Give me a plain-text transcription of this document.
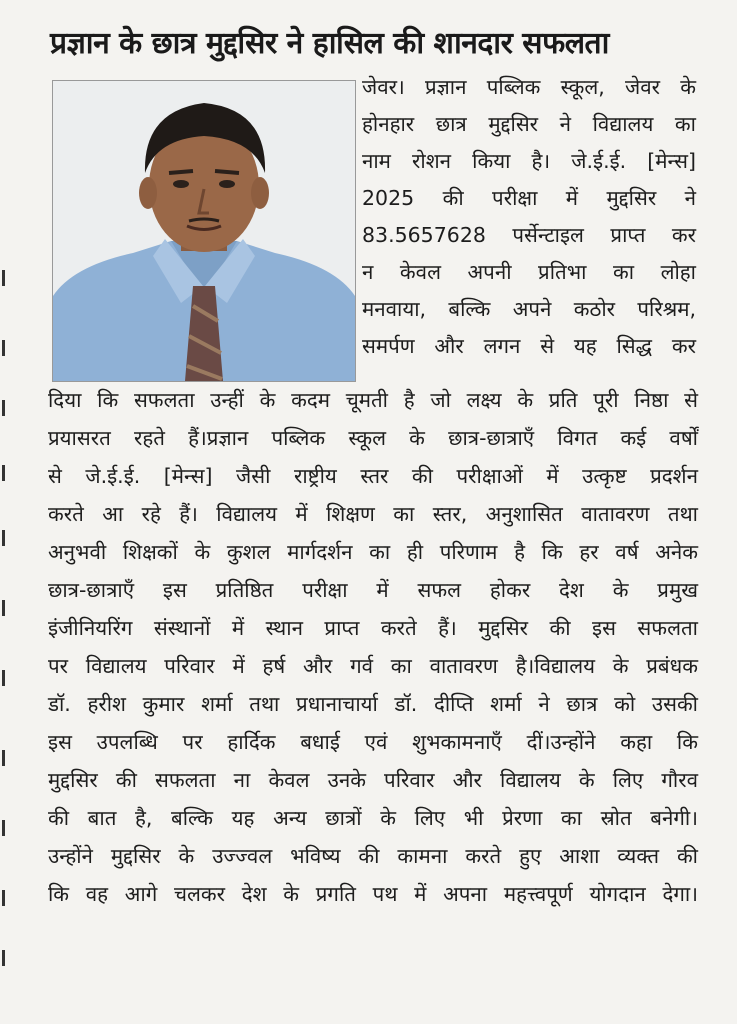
प्रज्ञान के छात्र मुद्दसिर ने हासिल की शानदार सफलता
जेवर। प्रज्ञान पब्लिक स्कूल, जेवर के
होनहार छात्र मुद्दसिर ने विद्यालय का
नाम रोशन किया है। जे.ई.ई. [मेन्स]
2025 की परीक्षा में मुद्दसिर ने
83.5657628 पर्सेन्टाइल प्राप्त कर
न केवल अपनी प्रतिभा का लोहा
मनवाया, बल्कि अपने कठोर परिश्रम,
समर्पण और लगन से यह सिद्ध कर
दिया कि सफलता उन्हीं के कदम चूमती है जो लक्ष्य के प्रति पूरी निष्ठा से
प्रयासरत रहते हैं।प्रज्ञान पब्लिक स्कूल के छात्र-छात्राएँ विगत कई वर्षों
से जे.ई.ई. [मेन्स] जैसी राष्ट्रीय स्तर की परीक्षाओं में उत्कृष्ट प्रदर्शन
करते आ रहे हैं। विद्यालय में शिक्षण का स्तर, अनुशासित वातावरण तथा
अनुभवी शिक्षकों के कुशल मार्गदर्शन का ही परिणाम है कि हर वर्ष अनेक
छात्र-छात्राएँ इस प्रतिष्ठित परीक्षा में सफल होकर देश के प्रमुख
इंजीनियरिंग संस्थानों में स्थान प्राप्त करते हैं। मुद्दसिर की इस सफलता
पर विद्यालय परिवार में हर्ष और गर्व का वातावरण है।विद्यालय के प्रबंधक
डॉ. हरीश कुमार शर्मा तथा प्रधानाचार्या डॉ. दीप्ति शर्मा ने छात्र को उसकी
इस उपलब्धि पर हार्दिक बधाई एवं शुभकामनाएँ दीं।उन्होंने कहा कि
मुद्दसिर की सफलता ना केवल उनके परिवार और विद्यालय के लिए गौरव
की बात है, बल्कि यह अन्य छात्रों के लिए भी प्रेरणा का स्रोत बनेगी।
उन्होंने मुद्दसिर के उज्ज्वल भविष्य की कामना करते हुए आशा व्यक्त की
कि वह आगे चलकर देश के प्रगति पथ में अपना महत्त्वपूर्ण योगदान देगा।
